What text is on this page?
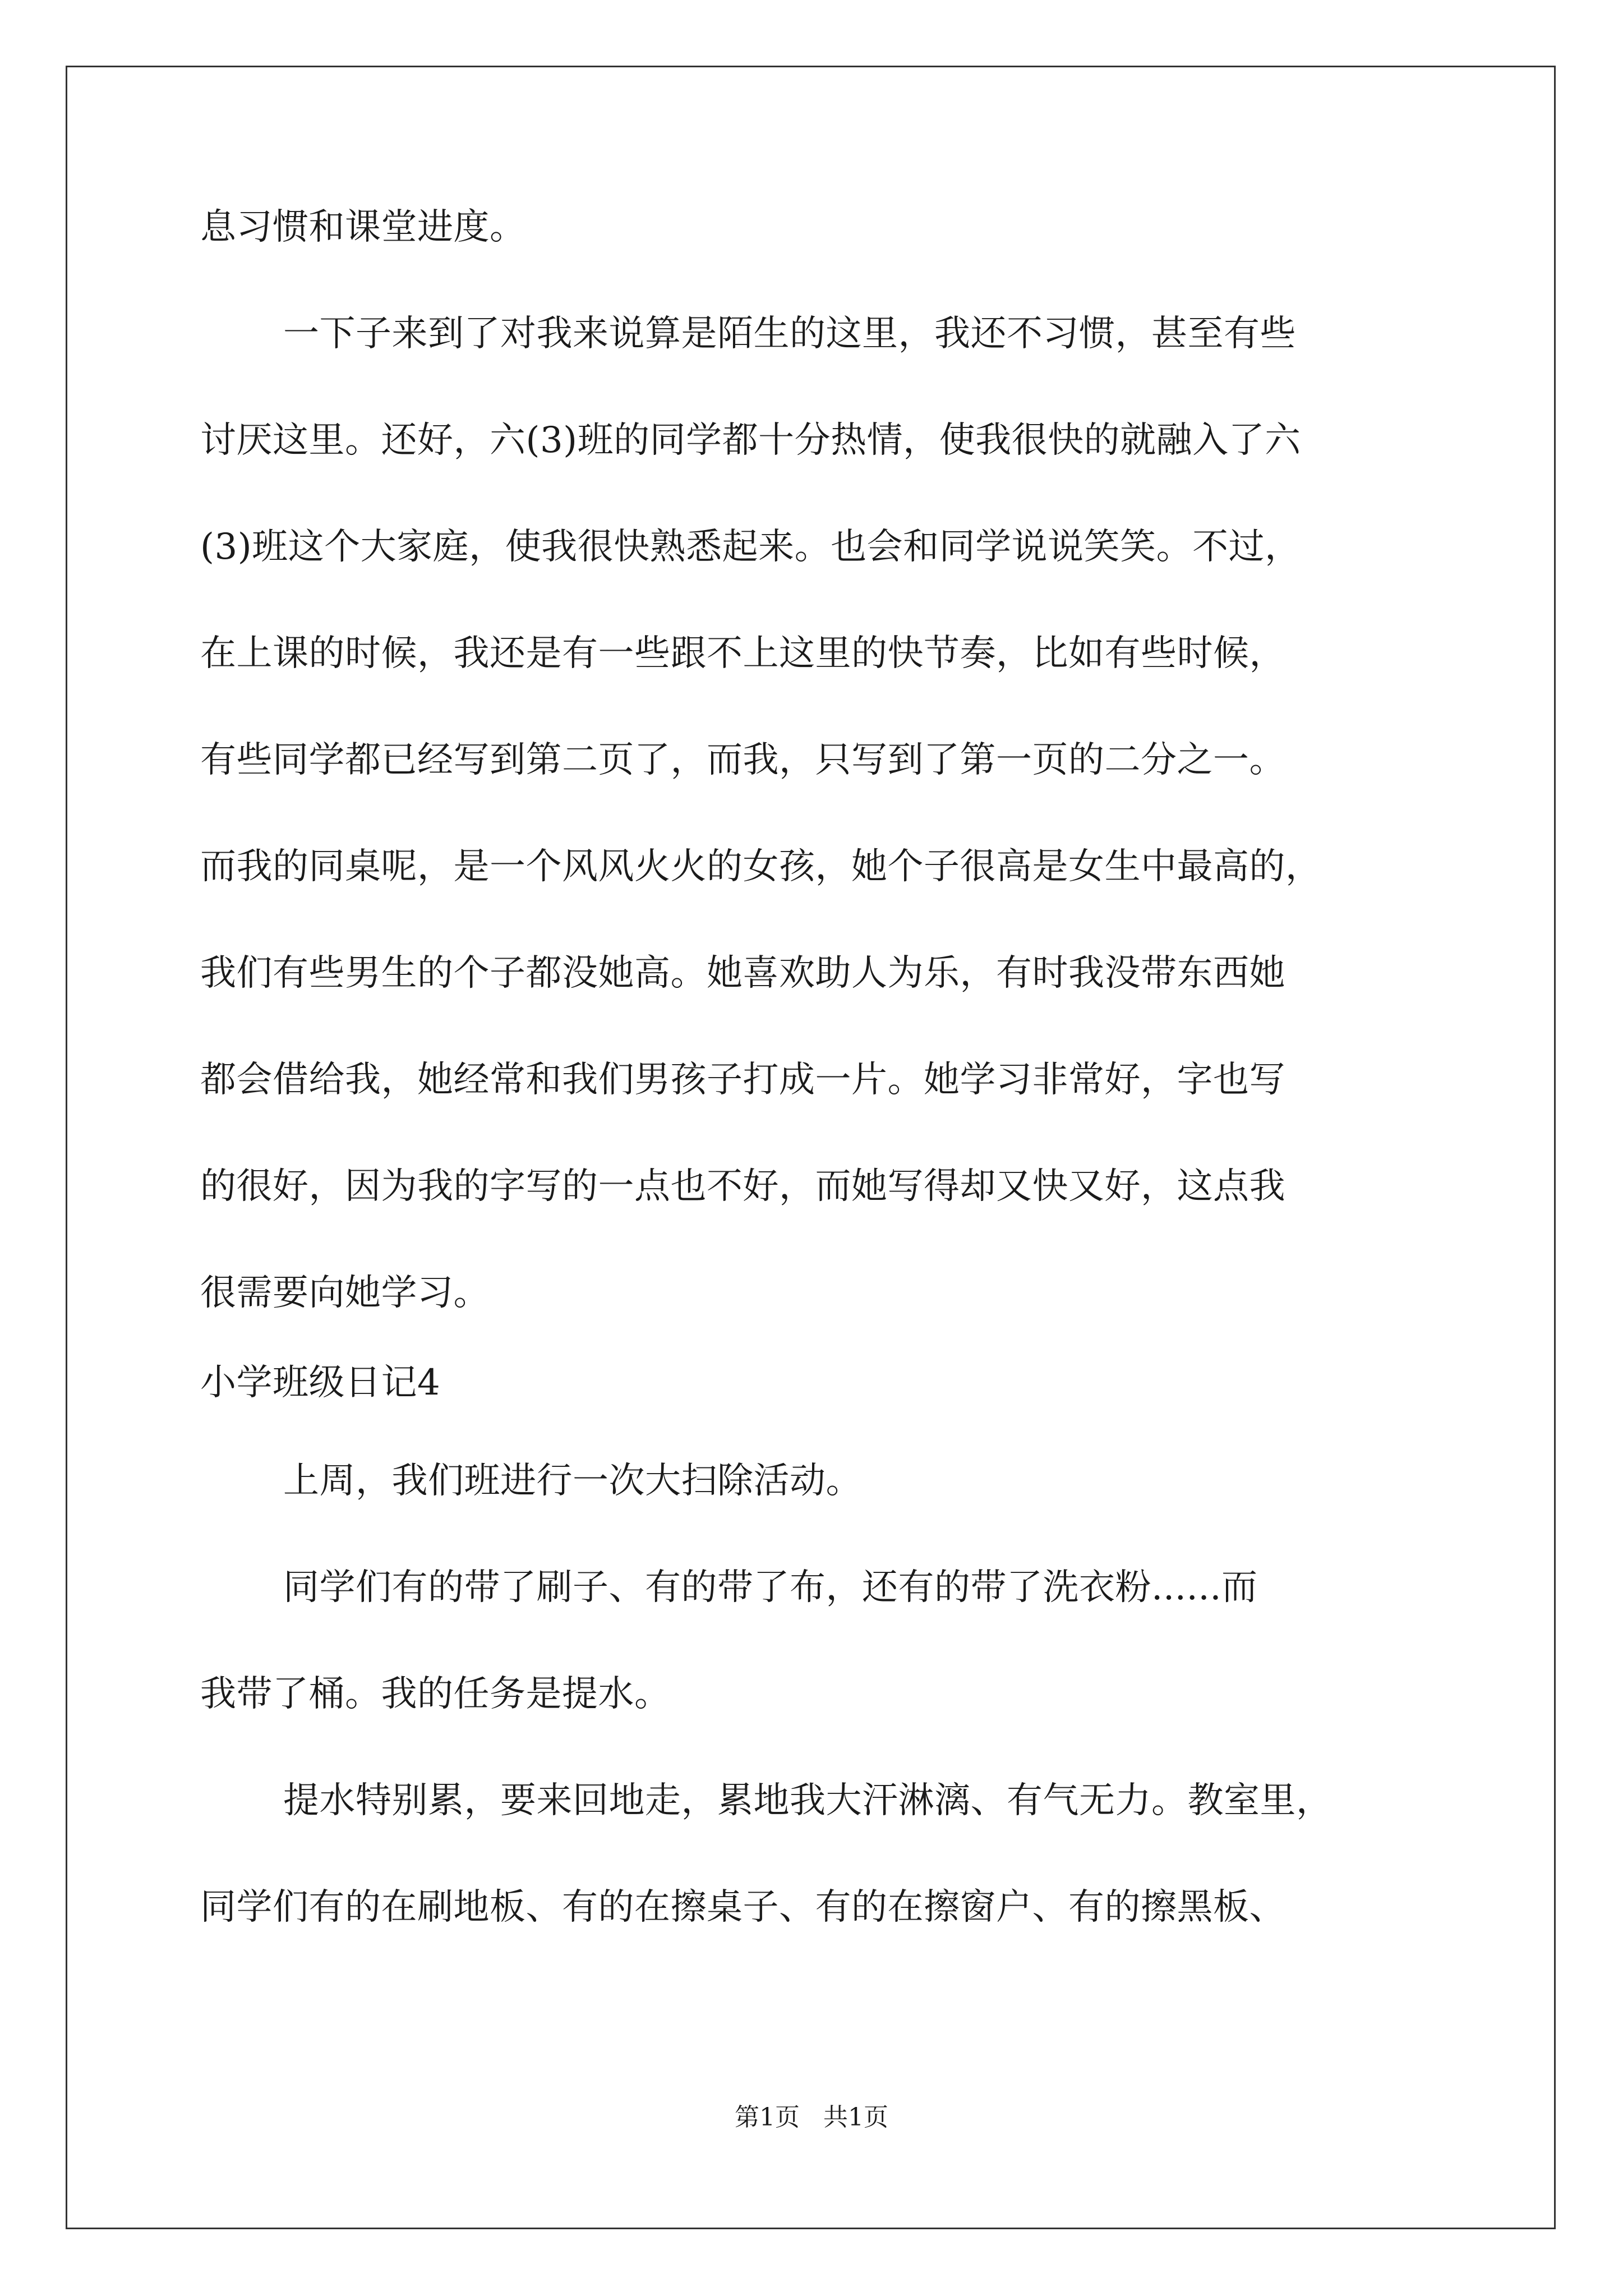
息习惯和课堂进度。
一下子来到了对我来说算是陌生的这里，我还不习惯，甚至有些
讨厌这里。还好，六(3)班的同学都十分热情，使我很快的就融入了六
(3)班这个大家庭，使我很快熟悉起来。也会和同学说说笑笑。不过，
在上课的时候，我还是有一些跟不上这里的快节奏，比如有些时候，
有些同学都已经写到第二页了，而我，只写到了第一页的二分之一。
而我的同桌呢，是一个风风火火的女孩，她个子很高是女生中最高的，
我们有些男生的个子都没她高。她喜欢助人为乐，有时我没带东西她
都会借给我，她经常和我们男孩子打成一片。她学习非常好，字也写
的很好，因为我的字写的一点也不好，而她写得却又快又好，这点我
很需要向她学习。
小学班级日记4
上周，我们班进行一次大扫除活动。
同学们有的带了刷子、有的带了布，还有的带了洗衣粉......而
我带了桶。我的任务是提水。
提水特别累，要来回地走，累地我大汗淋漓、有气无力。教室里，
同学们有的在刷地板、有的在擦桌子、有的在擦窗户、有的擦黑板、
第1页 共1页
